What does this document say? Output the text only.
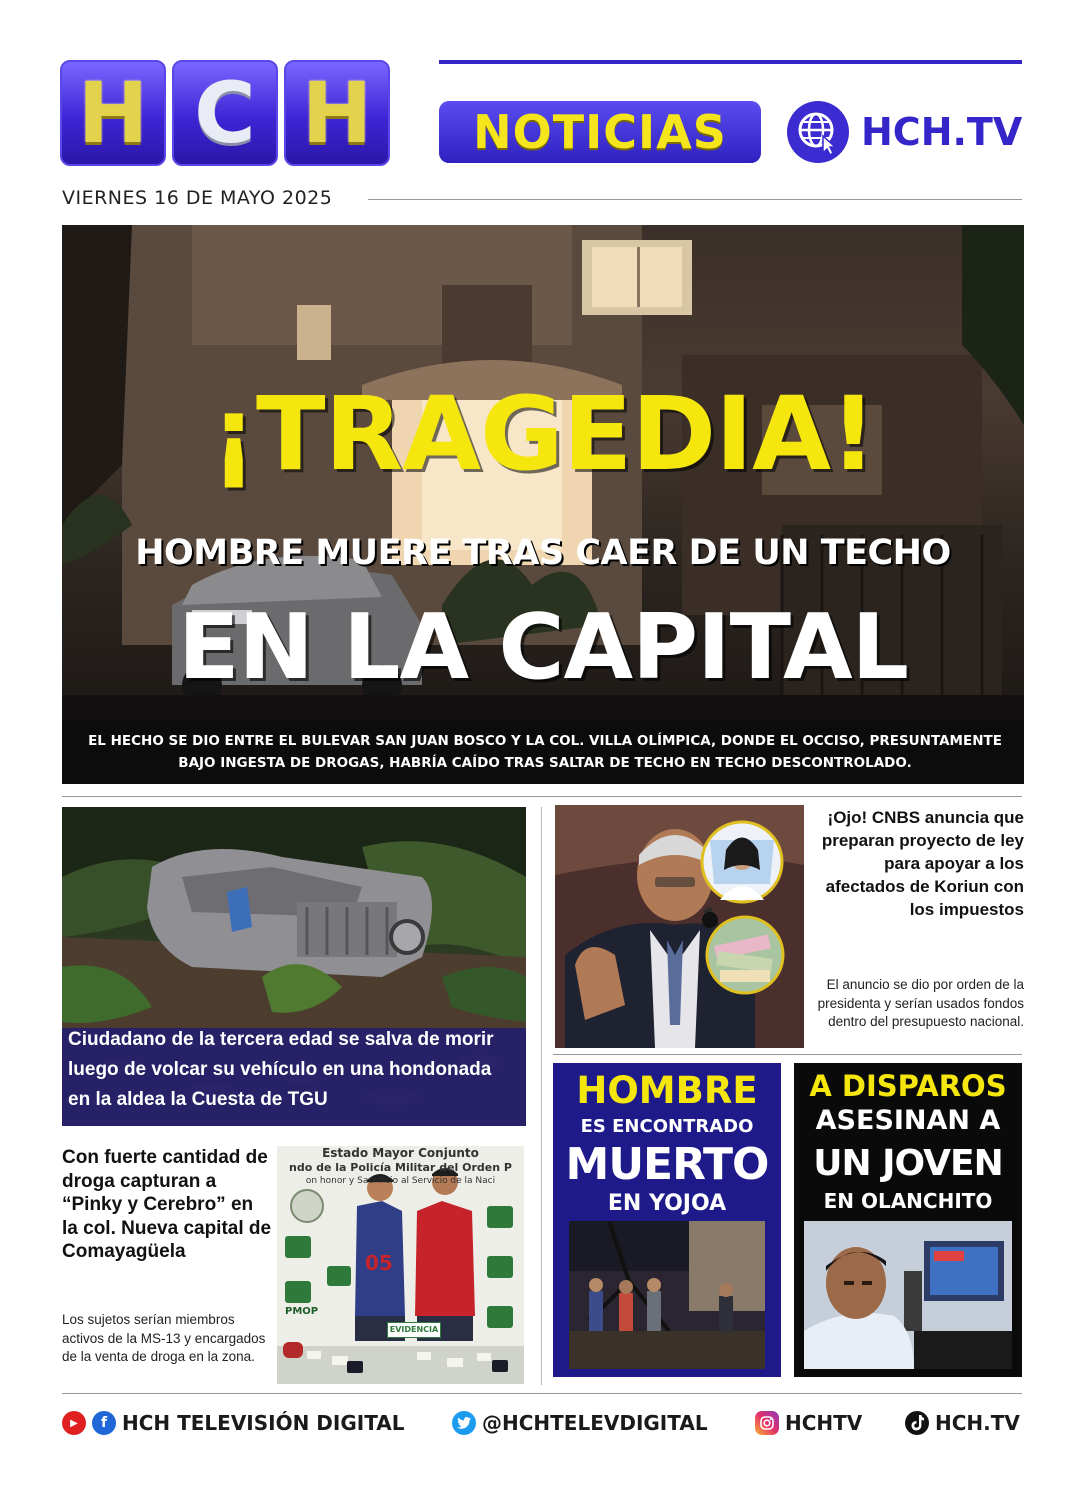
H C H	NOTICIAS	HCH.TV
VIERNES 16 DE MAYO 2025
¡TRAGEDIA!
HOMBRE MUERE TRAS CAER DE UN TECHO
EN LA CAPITAL
EL HECHO SE DIO ENTRE EL BULEVAR SAN JUAN BOSCO Y LA COL. VILLA OLÍMPICA, DONDE EL OCCISO, PRESUNTAMENTE BAJO INGESTA DE DROGAS, HABRÍA CAÍDO TRAS SALTAR DE TECHO EN TECHO DESCONTROLADO.
Ciudadano de la tercera edad se salva de morir luego de volcar su vehículo en una hondonada en la aldea la Cuesta de TGU
Con fuerte cantidad de droga capturan a “Pinky y Cerebro” en la col. Nueva capital de Comayagüela
Los sujetos serían miembros activos de la MS-13 y encargados de la venta de droga en la zona.
Estado Mayor Conjunto
ndo de la Policía Militar del Orden P
on honor y Sacrificio al Servicio de la Naci
PMOP
05
EVIDENCIA
¡Ojo! CNBS anuncia que preparan proyecto de ley para apoyar a los afectados de Koriun con los impuestos
El anuncio se dio por orden de la presidenta y serían usados fondos dentro del presupuesto nacional.
HOMBRE
ES ENCONTRADO
MUERTO
EN YOJOA
A DISPAROS
ASESINAN A
UN JOVEN
EN OLANCHITO
▶	f HCH TELEVISIÓN DIGITAL	@HCHTELEVDIGITAL	HCHTV	HCH.TV
